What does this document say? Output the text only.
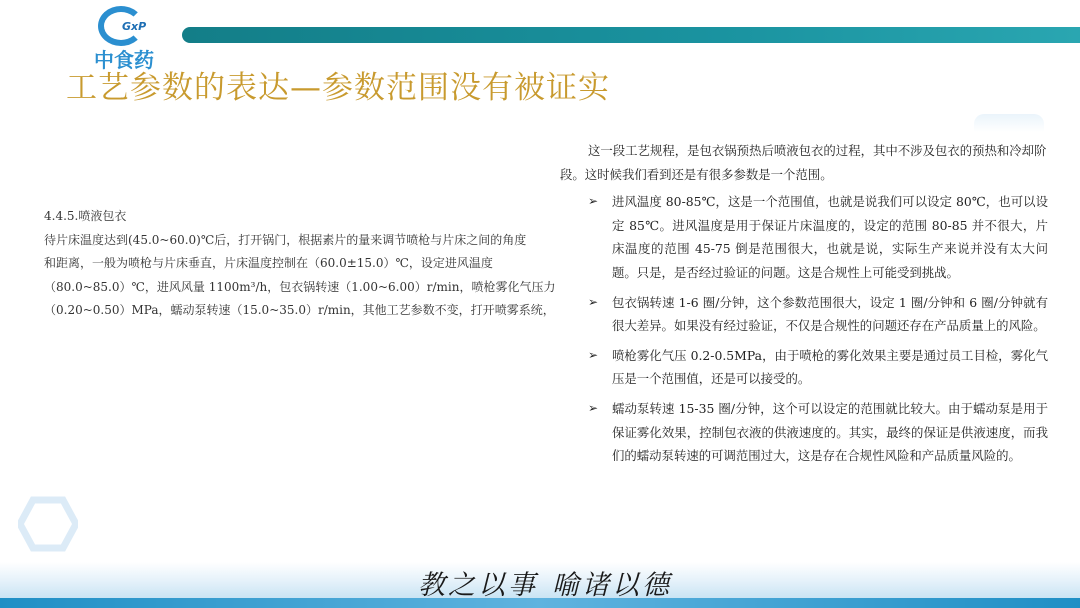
GxP
中食药
工艺参数的表达—参数范围没有被证实

4.4.5.喷液包衣

待片床温度达到(45.0~60.0)℃后，打开锅门，根据素片的量来调节喷枪与片床之间的角度

和距离，一般为喷枪与片床垂直，片床温度控制在（60.0±15.0）℃，设定进风温度

（80.0~85.0）℃，进风风量 1100m³/h，包衣锅转速（1.00~6.00）r/min，喷枪雾化气压力

（0.20~0.50）MPa，蠕动泵转速（15.0~35.0）r/min，其他工艺参数不变，打开喷雾系统，

这一段工艺规程，是包衣锅预热后喷液包衣的过程，其中不涉及包衣的预热和冷却阶段。这时候我们看到还是有很多参数是一个范围。

➢ 进风温度 80-85℃，这是一个范围值，也就是说我们可以设定 80℃，也可以设定 85℃。进风温度是用于保证片床温度的，设定的范围 80-85 并不很大，片床温度的范围 45-75 倒是范围很大，也就是说，实际生产来说并没有太大问题。只是，是否经过验证的问题。这是合规性上可能受到挑战。
➢ 包衣锅转速 1-6 圈/分钟，这个参数范围很大，设定 1 圈/分钟和 6 圈/分钟就有很大差异。如果没有经过验证，不仅是合规性的问题还存在产品质量上的风险。
➢ 喷枪雾化气压 0.2-0.5MPa，由于喷枪的雾化效果主要是通过员工目检，雾化气压是一个范围值，还是可以接受的。
➢ 蠕动泵转速 15-35 圈/分钟，这个可以设定的范围就比较大。由于蠕动泵是用于保证雾化效果，控制包衣液的供液速度的。其实，最终的保证是供液速度，而我们的蠕动泵转速的可调范围过大，这是存在合规性风险和产品质量风险的。
教之以事 喻诸以德
